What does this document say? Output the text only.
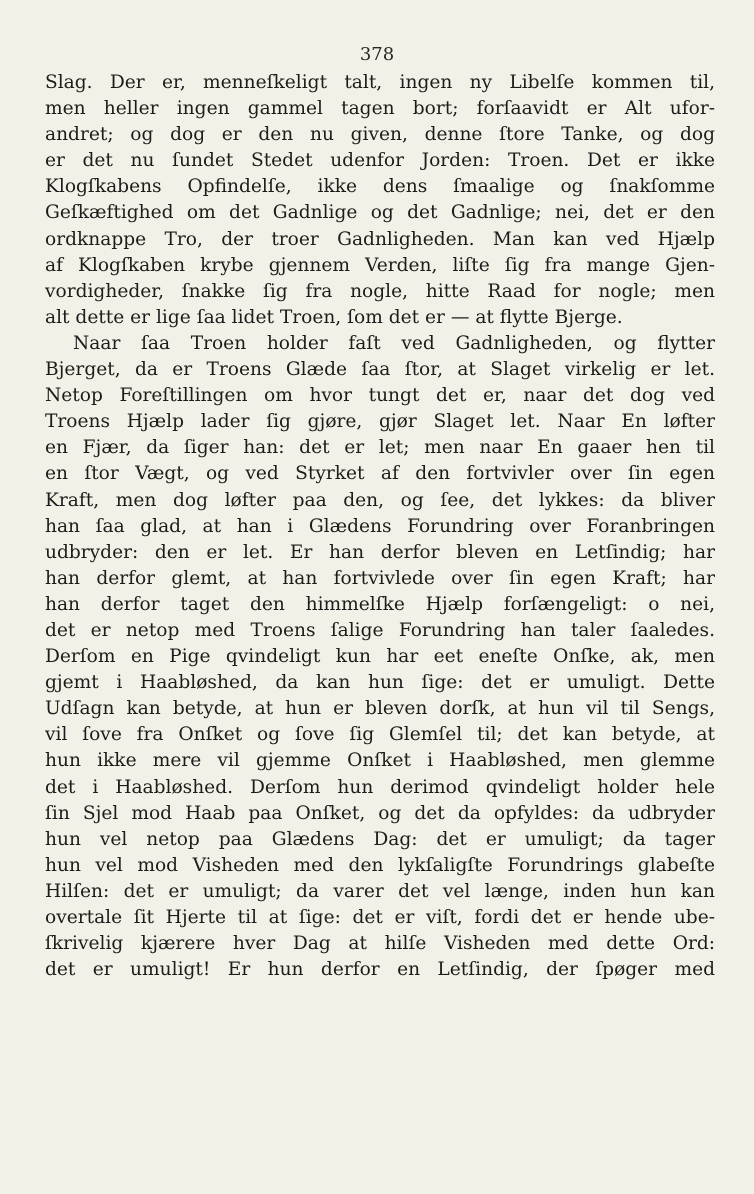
378
Slag. Der er, menneſkeligt talt, ingen ny Libelſe kommen til,
men heller ingen gammel tagen bort; forſaavidt er Alt ufor-
andret; og dog er den nu given, denne ſtore Tanke, og dog
er det nu ſundet Stedet udenfor Jorden: Troen. Det er ikke
Klogſkabens Opfindelſe, ikke dens ſmaalige og ſnakſomme
Geſkæftighed om det Gadnlige og det Gadnlige; nei, det er den
ordknappe Tro, der troer Gadnligheden. Man kan ved Hjælp
af Klogſkaben krybe gjennem Verden, liſte ſig fra mange Gjen-
vordigheder, ſnakke ſig fra nogle, hitte Raad for nogle; men
alt dette er lige ſaa lidet Troen, ſom det er — at flytte Bjerge.
Naar ſaa Troen holder faſt ved Gadnligheden, og flytter
Bjerget, da er Troens Glæde ſaa ſtor, at Slaget virkelig er let.
Netop Foreſtillingen om hvor tungt det er, naar det dog ved
Troens Hjælp lader ſig gjøre, gjør Slaget let. Naar En løfter
en Fjær, da ſiger han: det er let; men naar En gaaer hen til
en ſtor Vægt, og ved Styrket af den fortvivler over ſin egen
Kraft, men dog løfter paa den, og ſee, det lykkes: da bliver
han ſaa glad, at han i Glædens Forundring over Foranbringen
udbryder: den er let. Er han derfor bleven en Letſindig; har
han derfor glemt, at han fortvivlede over ſin egen Kraft; har
han derfor taget den himmelſke Hjælp forſængeligt: o nei,
det er netop med Troens ſalige Forundring han taler ſaaledes.
Derſom en Pige qvindeligt kun har eet eneſte Onſke, ak, men
gjemt i Haabløshed, da kan hun ſige: det er umuligt. Dette
Udſagn kan betyde, at hun er bleven dorſk, at hun vil til Sengs,
vil ſove fra Onſket og ſove ſig Glemſel til; det kan betyde, at
hun ikke mere vil gjemme Onſket i Haabløshed, men glemme
det i Haabløshed. Derſom hun derimod qvindeligt holder hele
ſin Sjel mod Haab paa Onſket, og det da opfyldes: da udbryder
hun vel netop paa Glædens Dag: det er umuligt; da tager
hun vel mod Visheden med den lykſaligſte Forundrings glabeſte
Hilſen: det er umuligt; da varer det vel længe, inden hun kan
overtale ſit Hjerte til at ſige: det er viſt, fordi det er hende ube-
ſkrivelig kjærere hver Dag at hilſe Visheden med dette Ord:
det er umuligt! Er hun derfor en Letſindig, der ſpøger med
